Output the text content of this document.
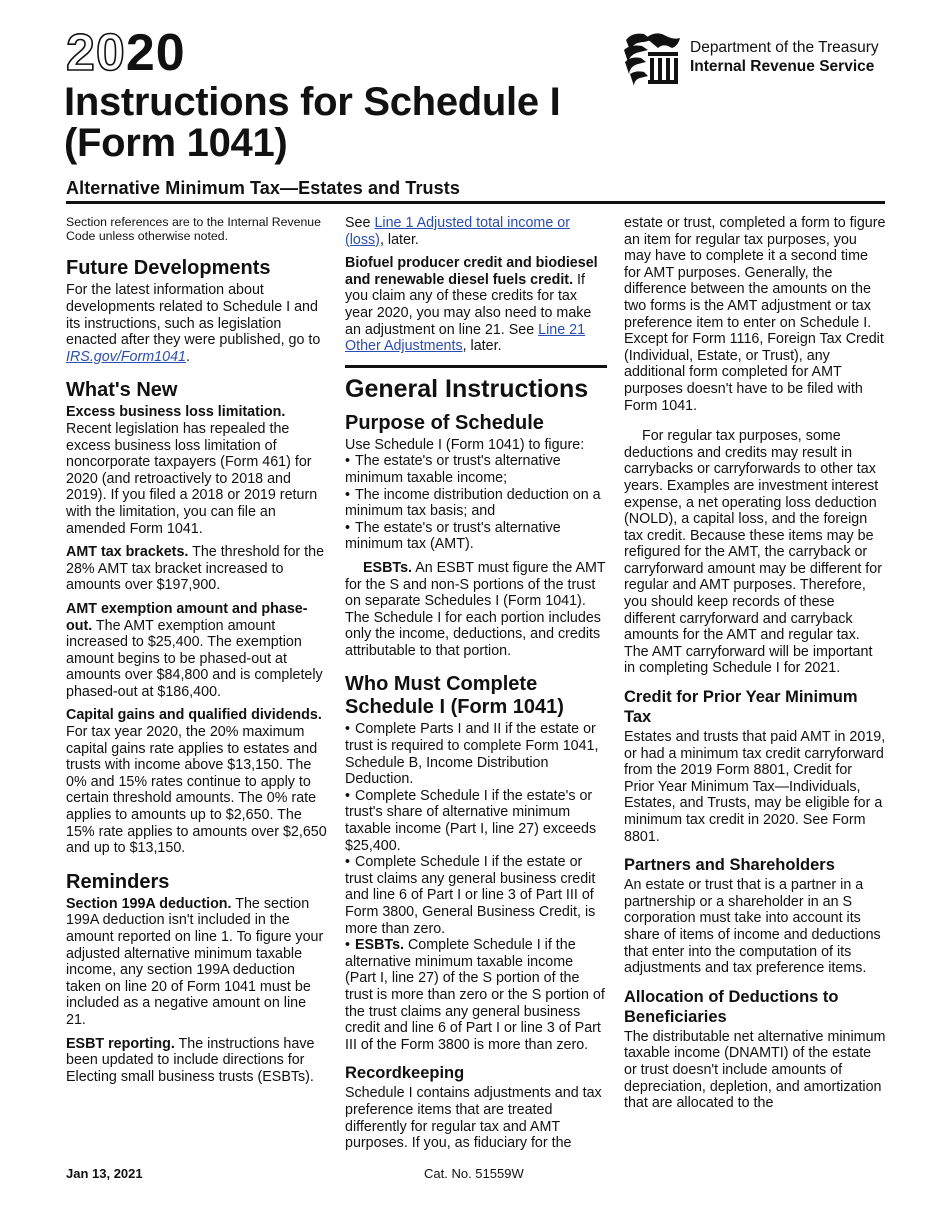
2020
Instructions for Schedule I (Form 1041)
Alternative Minimum Tax—Estates and Trusts
Department of the Treasury
Internal Revenue Service

Section references are to the Internal Revenue Code unless otherwise noted.

Future Developments

For the latest information about developments related to Schedule I and its instructions, such as legislation enacted after they were published, go to IRS.gov/Form1041.

What's New

Excess business loss limitation.
Recent legislation has repealed the excess business loss limitation of noncorporate taxpayers (Form 461) for 2020 (and retroactively to 2018 and 2019). If you filed a 2018 or 2019 return with the limitation, you can file an amended Form 1041.

AMT tax brackets. The threshold for the 28% AMT tax bracket increased to amounts over $197,900.

AMT exemption amount and phase-out. The AMT exemption amount increased to $25,400. The exemption amount begins to be phased-out at amounts over $84,800 and is completely phased-out at $186,400.

Capital gains and qualified dividends. For tax year 2020, the 20% maximum capital gains rate applies to estates and trusts with income above $13,150. The 0% and 15% rates continue to apply to certain threshold amounts. The 0% rate applies to amounts up to $2,650. The 15% rate applies to amounts over $2,650 and up to $13,150.

Reminders

Section 199A deduction. The section 199A deduction isn't included in the amount reported on line 1. To figure your adjusted alternative minimum taxable income, any section 199A deduction taken on line 20 of Form 1041 must be included as a negative amount on line 21.

ESBT reporting. The instructions have been updated to include directions for Electing small business trusts (ESBTs).

See Line 1 Adjusted total income or (loss), later.

Biofuel producer credit and biodiesel and renewable diesel fuels credit. If you claim any of these credits for tax year 2020, you may also need to make an adjustment on line 21. See Line 21 Other Adjustments, later.

General Instructions
Purpose of Schedule
Use Schedule I (Form 1041) to figure:
• The estate's or trust's alternative minimum taxable income;
• The income distribution deduction on a minimum tax basis; and
• The estate's or trust's alternative minimum tax (AMT).

ESBTs. An ESBT must figure the AMT for the S and non-S portions of the trust on separate Schedules I (Form 1041). The Schedule I for each portion includes only the income, deductions, and credits attributable to that portion.

Who Must Complete Schedule I (Form 1041)
• Complete Parts I and II if the estate or trust is required to complete Form 1041, Schedule B, Income Distribution Deduction.
• Complete Schedule I if the estate's or trust's share of alternative minimum taxable income (Part I, line 27) exceeds $25,400.
• Complete Schedule I if the estate or trust claims any general business credit and line 6 of Part I or line 3 of Part III of Form 3800, General Business Credit, is more than zero.
• ESBTs. Complete Schedule I if the alternative minimum taxable income (Part I, line 27) of the S portion of the trust is more than zero or the S portion of the trust claims any general business credit and line 6 of Part I or line 3 of Part III of the Form 3800 is more than zero.
Recordkeeping

Schedule I contains adjustments and tax preference items that are treated differently for regular tax and AMT purposes. If you, as fiduciary for the

estate or trust, completed a form to figure an item for regular tax purposes, you may have to complete it a second time for AMT purposes. Generally, the difference between the amounts on the two forms is the AMT adjustment or tax preference item to enter on Schedule I. Except for Form 1116, Foreign Tax Credit (Individual, Estate, or Trust), any additional form completed for AMT purposes doesn't have to be filed with Form 1041.

For regular tax purposes, some deductions and credits may result in carrybacks or carryforwards to other tax years. Examples are investment interest expense, a net operating loss deduction (NOLD), a capital loss, and the foreign tax credit. Because these items may be refigured for the AMT, the carryback or carryforward amount may be different for regular and AMT purposes. Therefore, you should keep records of these different carryforward and carryback amounts for the AMT and regular tax. The AMT carryforward will be important in completing Schedule I for 2021.

Credit for Prior Year Minimum Tax

Estates and trusts that paid AMT in 2019, or had a minimum tax credit carryforward from the 2019 Form 8801, Credit for Prior Year Minimum Tax—Individuals, Estates, and Trusts, may be eligible for a minimum tax credit in 2020. See Form 8801.

Partners and Shareholders

An estate or trust that is a partner in a partnership or a shareholder in an S corporation must take into account its share of items of income and deductions that enter into the computation of its adjustments and tax preference items.

Allocation of Deductions to Beneficiaries

The distributable net alternative minimum taxable income (DNAMTI) of the estate or trust doesn't include amounts of depreciation, depletion, and amortization that are allocated to the

Jan 13, 2021	Cat. No. 51559W
